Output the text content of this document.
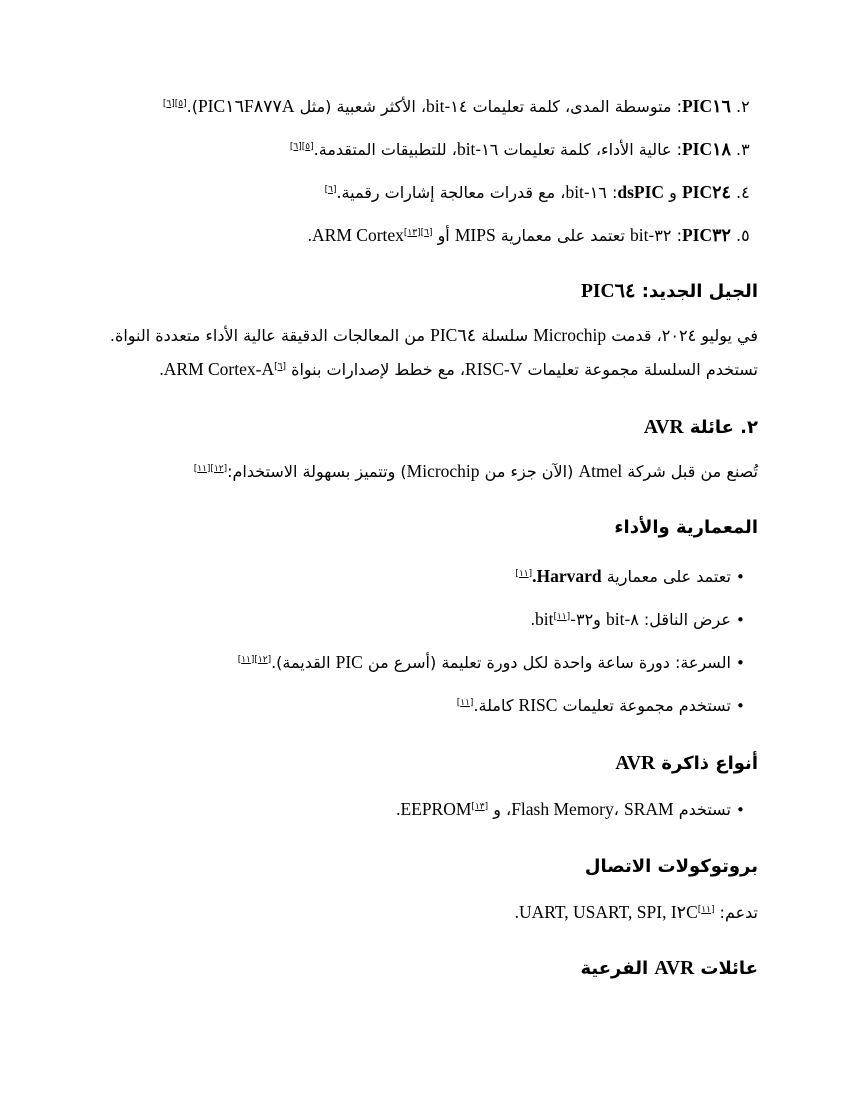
٢. PIC١٦: متوسطة المدى، كلمة تعليمات ١٤-bit، الأكثر شعبية (مثل PIC١٦F٨٧٧A).[٥][٦]
٣. PIC١٨: عالية الأداء، كلمة تعليمات ١٦-bit، للتطبيقات المتقدمة.[٥][٦]
٤. PIC٢٤ و dsPIC: ١٦-bit، مع قدرات معالجة إشارات رقمية.[٦]
٥. PIC٣٢: ٣٢-bit تعتمد على معمارية MIPS أو [٦][١٣]ARM Cortex.
الجيل الجديد: PIC٦٤
في يوليو ٢٠٢٤، قدمت Microchip سلسلة PIC٦٤ من المعالجات الدقيقة عالية الأداء متعددة النواة.
تستخدم السلسلة مجموعة تعليمات RISC-V، مع خطط لإصدارات بنواة [٦]ARM Cortex-A.
٢. عائلة AVR
تُصنع من قبل شركة Atmel (الآن جزء من Microchip) وتتميز بسهولة الاستخدام:[١٢][١١]
المعمارية والأداء
• تعتمد على معمارية Harvard.[١١]
• عرض الناقل: ٨-bit و٣٢-[١١]bit.
• السرعة: دورة ساعة واحدة لكل دورة تعليمة (أسرع من PIC القديمة).[١٢][١١]
• تستخدم مجموعة تعليمات RISC كاملة.[١١]
أنواع ذاكرة AVR
• تستخدم Flash Memory، SRAM، و [١٣]EEPROM.
بروتوكولات الاتصال
تدعم: [١١]UART, USART, SPI, I٢C.
عائلات AVR الفرعية
